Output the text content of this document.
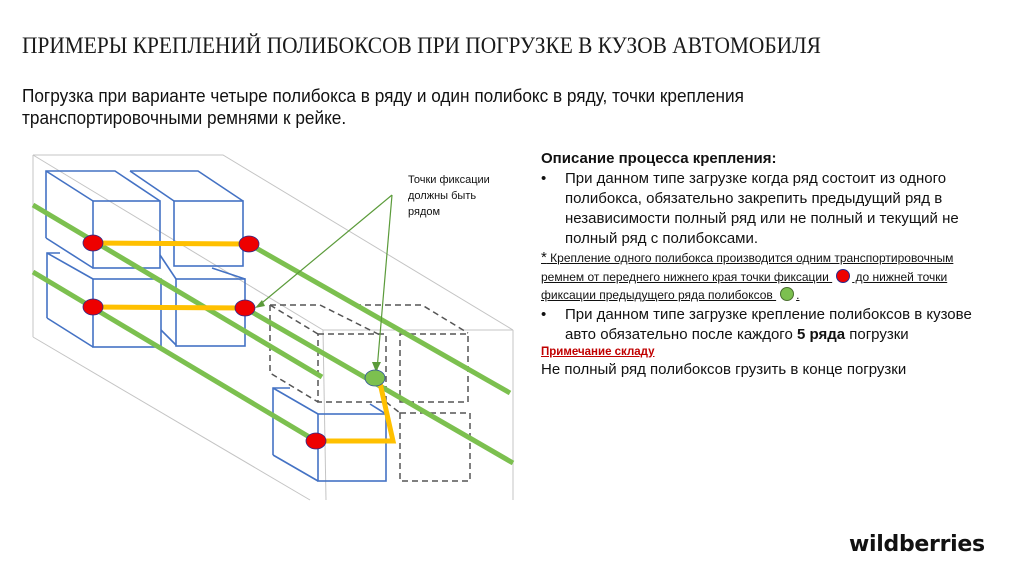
ПРИМЕРЫ КРЕПЛЕНИЙ ПОЛИБОКСОВ ПРИ ПОГРУЗКЕ В КУЗОВ АВТОМОБИЛЯ
Погрузка при варианте четыре полибокса в ряду и один полибокс в ряду, точки крепления транспортировочными ремнями к рейке.
Точки фиксации
должны быть
рядом
Описание процесса крепления:
•	При данном типе загрузке когда ряд состоит из одного полибокса, обязательно закрепить предыдущий ряд в независимости полный ряд или не полный и текущий не полный ряд с полибоксами.
* Крепление одного полибокса производится одним транспортировочным ремнем от переднего нижнего края точки фиксации  до нижней точки фиксации предыдущего ряда полибоксов .
•	При данном типе загрузке крепление полибоксов в кузове авто обязательно после каждого 5 ряда погрузки
Примечание складу
Не полный ряд полибоксов грузить в конце погрузки
wildberries
